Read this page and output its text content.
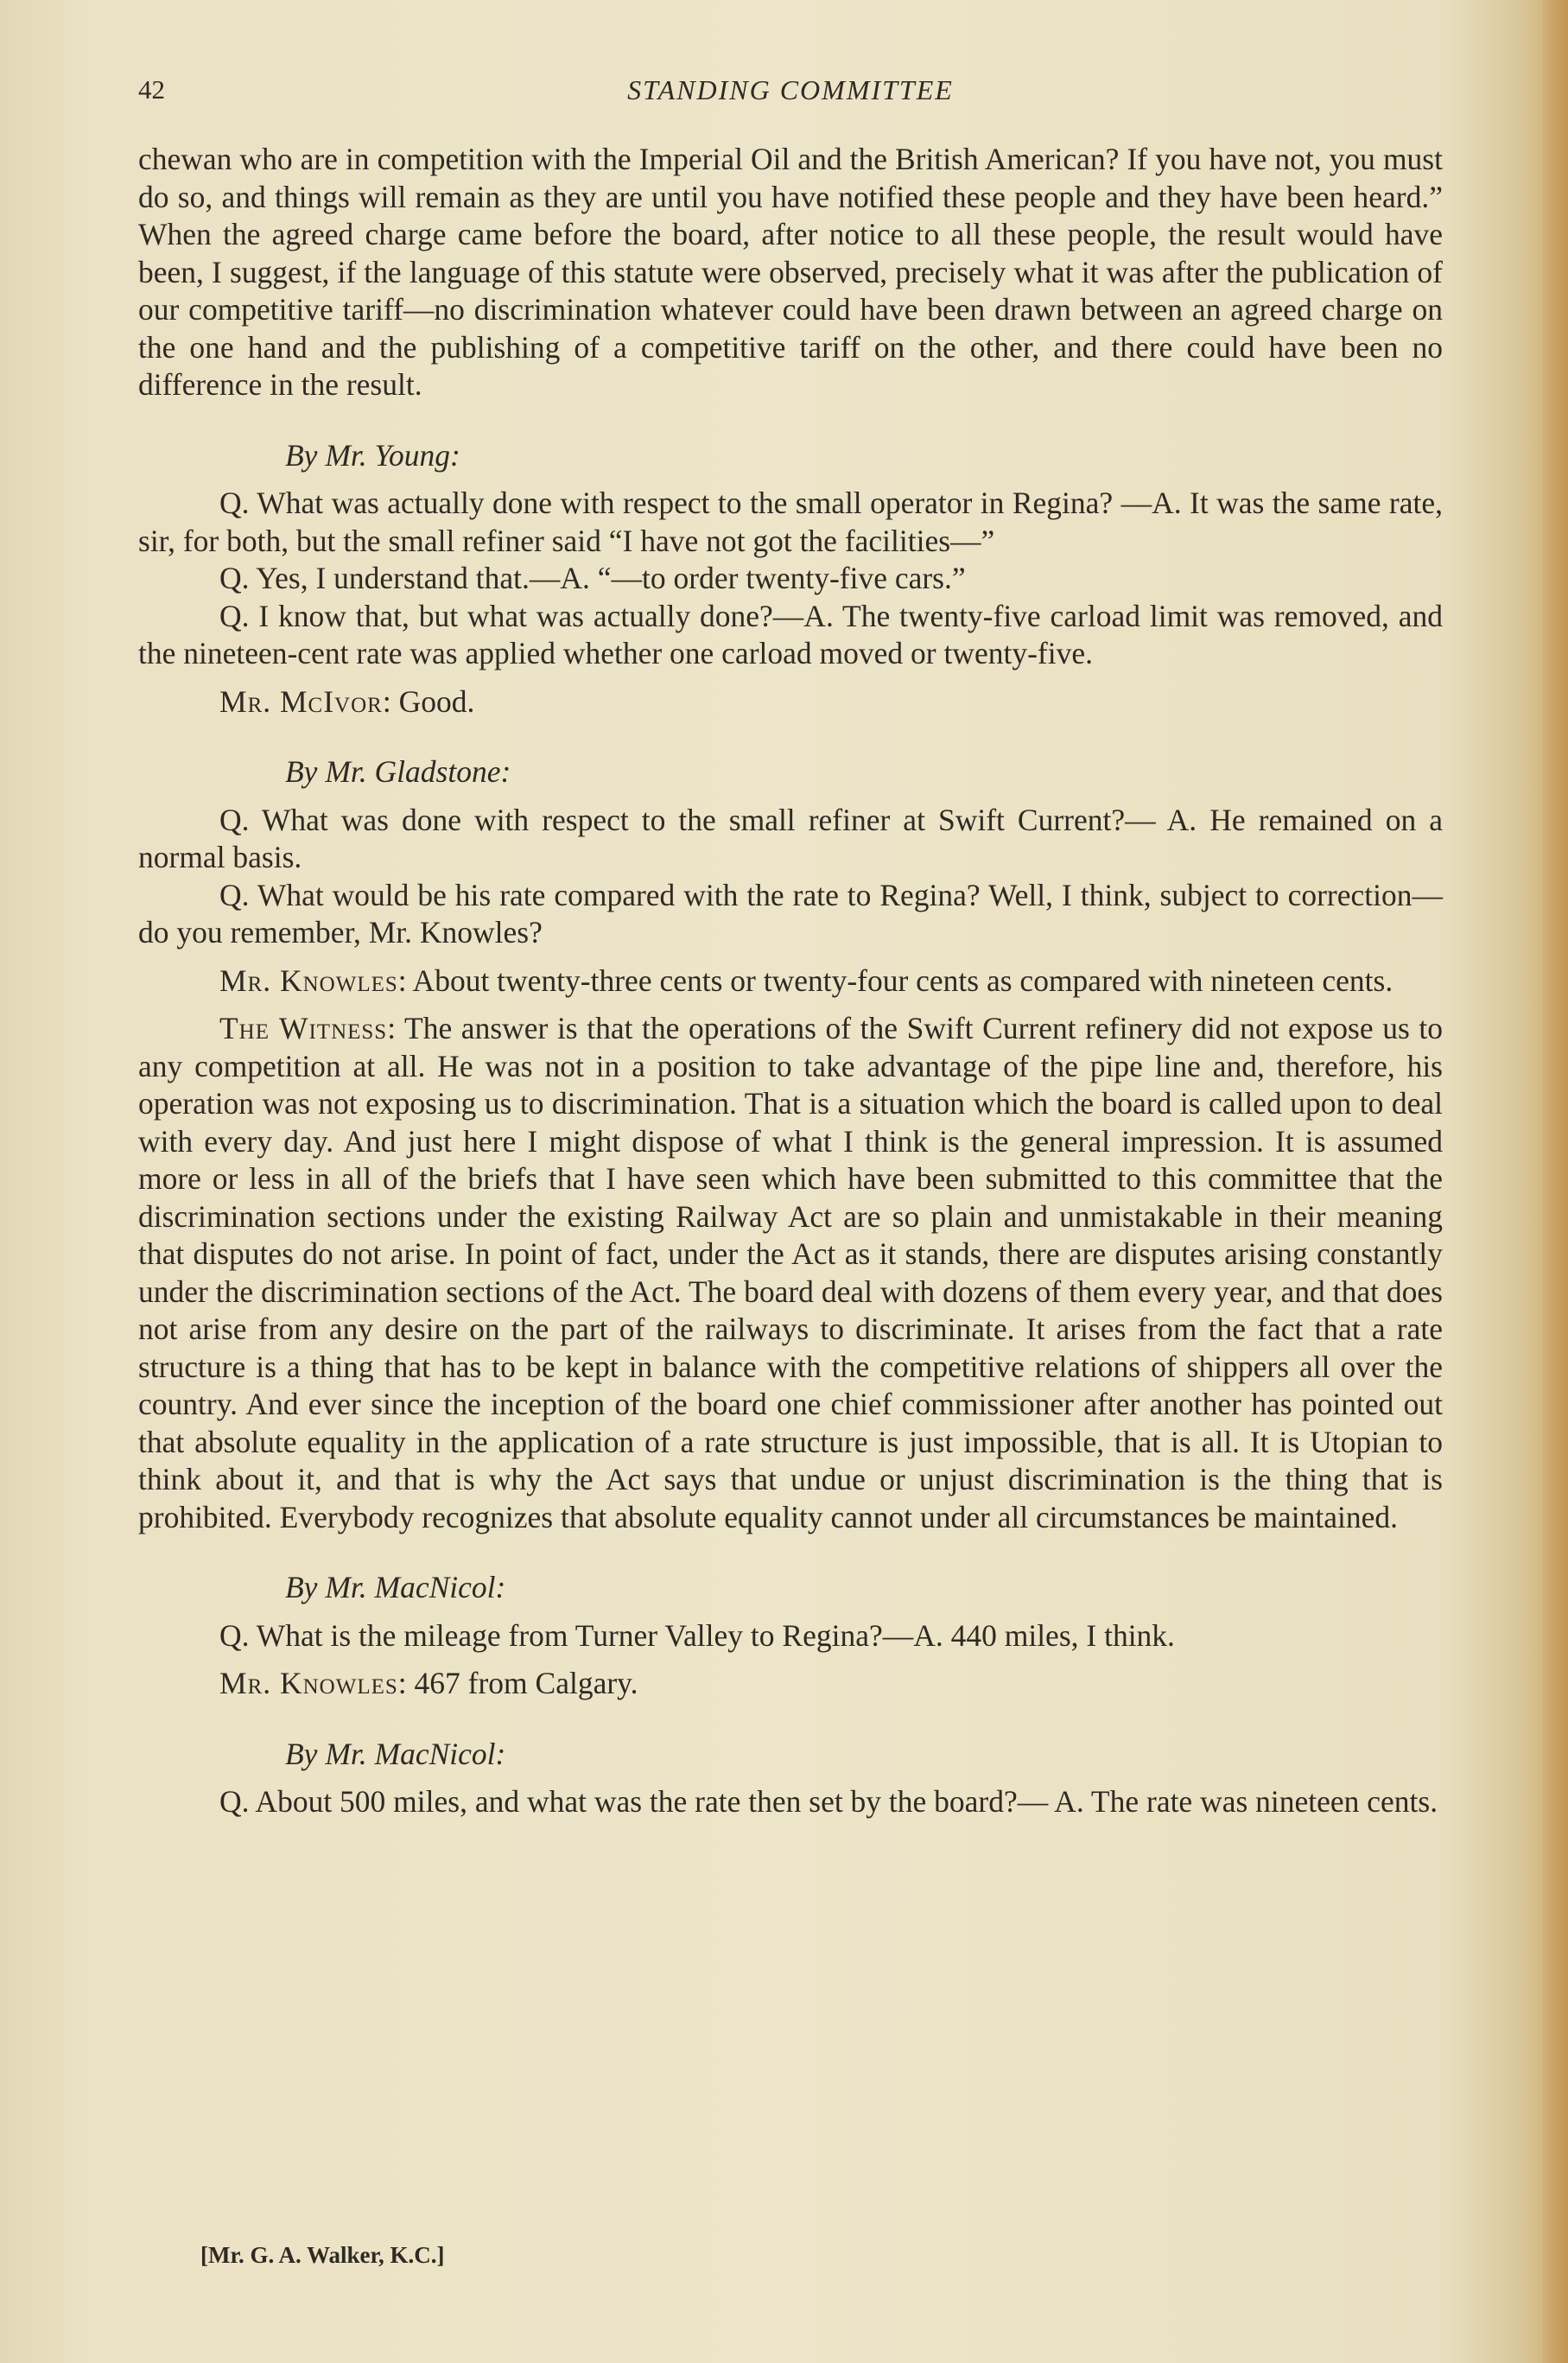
42	STANDING COMMITTEE

chewan who are in competition with the Imperial Oil and the British American? If you have not, you must do so, and things will remain as they are until you have notified these people and they have been heard.” When the agreed charge came before the board, after notice to all these people, the result would have been, I suggest, if the language of this statute were observed, precisely what it was after the publication of our competitive tariff—no discrimination whatever could have been drawn between an agreed charge on the one hand and the publishing of a competitive tariff on the other, and there could have been no difference in the result.

By Mr. Young:

Q. What was actually done with respect to the small operator in Regina? —A. It was the same rate, sir, for both, but the small refiner said “I have not got the facilities—”

Q. Yes, I understand that.—A. “—to order twenty-five cars.”

Q. I know that, but what was actually done?—A. The twenty-five carload limit was removed, and the nineteen-cent rate was applied whether one carload moved or twenty-five.

Mr. McIvor: Good.

By Mr. Gladstone:

Q. What was done with respect to the small refiner at Swift Current?— A. He remained on a normal basis.

Q. What would be his rate compared with the rate to Regina? Well, I think, subject to correction—do you remember, Mr. Knowles?

Mr. Knowles: About twenty-three cents or twenty-four cents as compared with nineteen cents.

The Witness: The answer is that the operations of the Swift Current refinery did not expose us to any competition at all. He was not in a position to take advantage of the pipe line and, therefore, his operation was not exposing us to discrimination. That is a situation which the board is called upon to deal with every day. And just here I might dispose of what I think is the general impression. It is assumed more or less in all of the briefs that I have seen which have been submitted to this committee that the discrimination sections under the existing Railway Act are so plain and unmistakable in their meaning that disputes do not arise. In point of fact, under the Act as it stands, there are disputes arising constantly under the discrimination sections of the Act. The board deal with dozens of them every year, and that does not arise from any desire on the part of the railways to discriminate. It arises from the fact that a rate structure is a thing that has to be kept in balance with the competitive relations of shippers all over the country. And ever since the inception of the board one chief commissioner after another has pointed out that absolute equality in the application of a rate structure is just impossible, that is all. It is Utopian to think about it, and that is why the Act says that undue or unjust discrimination is the thing that is prohibited. Everybody recognizes that absolute equality cannot under all circumstances be maintained.

By Mr. MacNicol:

Q. What is the mileage from Turner Valley to Regina?—A. 440 miles, I think.

Mr. Knowles: 467 from Calgary.

By Mr. MacNicol:

Q. About 500 miles, and what was the rate then set by the board?— A. The rate was nineteen cents.

[Mr. G. A. Walker, K.C.]
